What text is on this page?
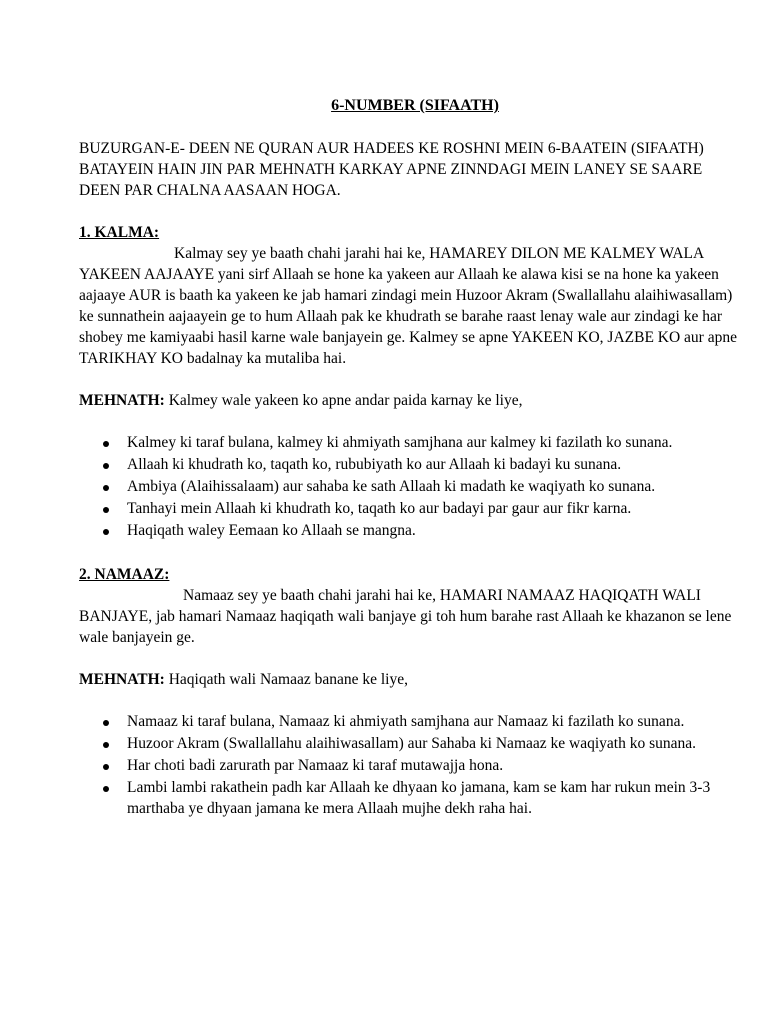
6-NUMBER (SIFAATH)

BUZURGAN-E- DEEN NE QURAN AUR HADEES KE ROSHNI MEIN 6-BAATEIN (SIFAATH) BATAYEIN HAIN JIN PAR MEHNATH KARKAY APNE ZINNDAGI MEIN LANEY SE SAARE DEEN PAR CHALNA AASAAN HOGA.

1. KALMA:

Kalmay sey ye baath chahi jarahi hai ke, HAMAREY DILON ME KALMEY WALA YAKEEN AAJAAYE yani sirf Allaah se hone ka yakeen aur Allaah ke alawa kisi se na hone ka yakeen aajaaye AUR is baath ka yakeen ke jab hamari zindagi mein Huzoor Akram (Swallallahu alaihiwasallam) ke sunnathein aajaayein ge to hum Allaah pak ke khudrath se barahe raast lenay wale aur zindagi ke har shobey me kamiyaabi hasil karne wale banjayein ge. Kalmey se apne YAKEEN KO, JAZBE KO aur apne TARIKHAY KO badalnay ka mutaliba hai.

MEHNATH: Kalmey wale yakeen ko apne andar paida karnay ke liye,

Kalmey ki taraf bulana, kalmey ki ahmiyath samjhana aur kalmey ki fazilath ko sunana.
Allaah ki khudrath ko, taqath ko, rububiyath ko aur Allaah ki badayi ku sunana.
Ambiya (Alaihissalaam) aur sahaba ke sath Allaah ki madath ke waqiyath ko sunana.
Tanhayi mein Allaah ki khudrath ko, taqath ko aur badayi par gaur aur fikr karna.
Haqiqath waley Eemaan ko Allaah se mangna.
2. NAMAAZ:

Namaaz sey ye baath chahi jarahi hai ke, HAMARI NAMAAZ HAQIQATH WALI BANJAYE, jab hamari Namaaz haqiqath wali banjaye gi toh hum barahe rast Allaah ke khazanon se lene wale banjayein ge.

MEHNATH: Haqiqath wali Namaaz banane ke liye,

Namaaz ki taraf bulana, Namaaz ki ahmiyath samjhana aur Namaaz ki fazilath ko sunana.
Huzoor Akram (Swallallahu alaihiwasallam) aur Sahaba ki Namaaz ke waqiyath ko sunana.
Har choti badi zarurath par Namaaz ki taraf mutawajja hona.
Lambi lambi rakathein padh kar Allaah ke dhyaan ko jamana, kam se kam har rukun mein 3-3 marthaba ye dhyaan jamana ke mera Allaah mujhe dekh raha hai.
